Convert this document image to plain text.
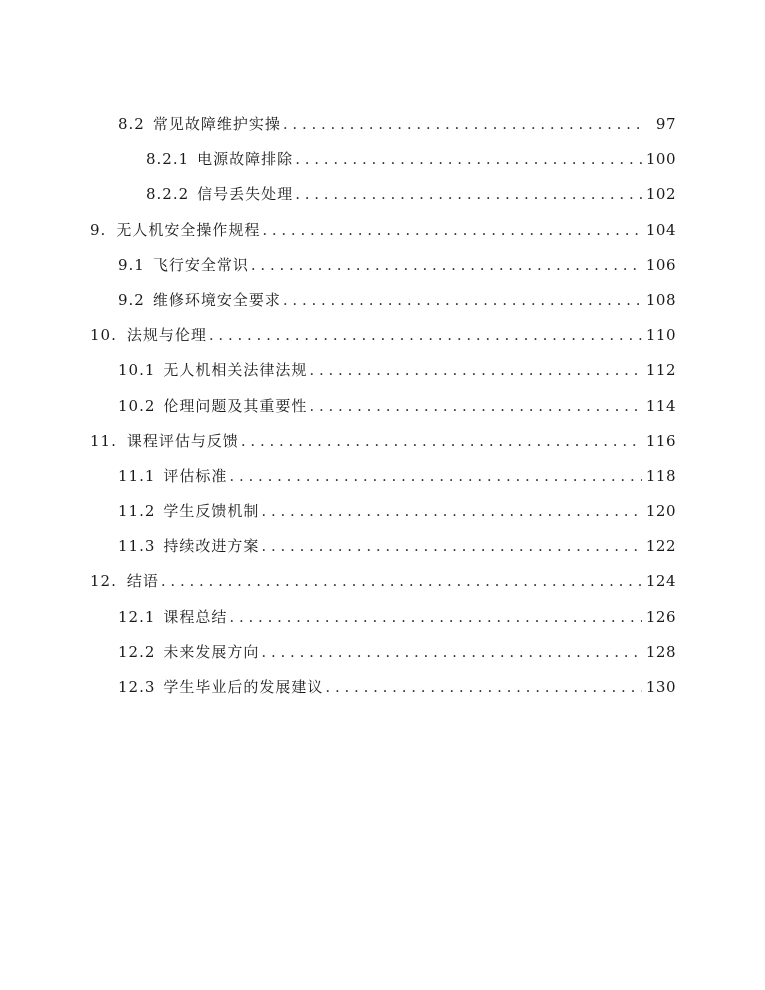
8.2 常见故障维护实操 . . .	97
8.2.1 电源故障排除 . . .	100
8.2.2 信号丢失处理 . . .	102
9. 无人机安全操作规程 . . .	104
9.1 飞行安全常识 . . .	106
9.2 维修环境安全要求 . . .	108
10. 法规与伦理 . . .	110
10.1 无人机相关法律法规 . . .	112
10.2 伦理问题及其重要性 . . .	114
11. 课程评估与反馈 . . .	116
11.1 评估标准 . . .	118
11.2 学生反馈机制 . . .	120
11.3 持续改进方案 . . .	122
12. 结语 . . .	124
12.1 课程总结 . . .	126
12.2 未来发展方向 . . .	128
12.3 学生毕业后的发展建议 . . .	130
